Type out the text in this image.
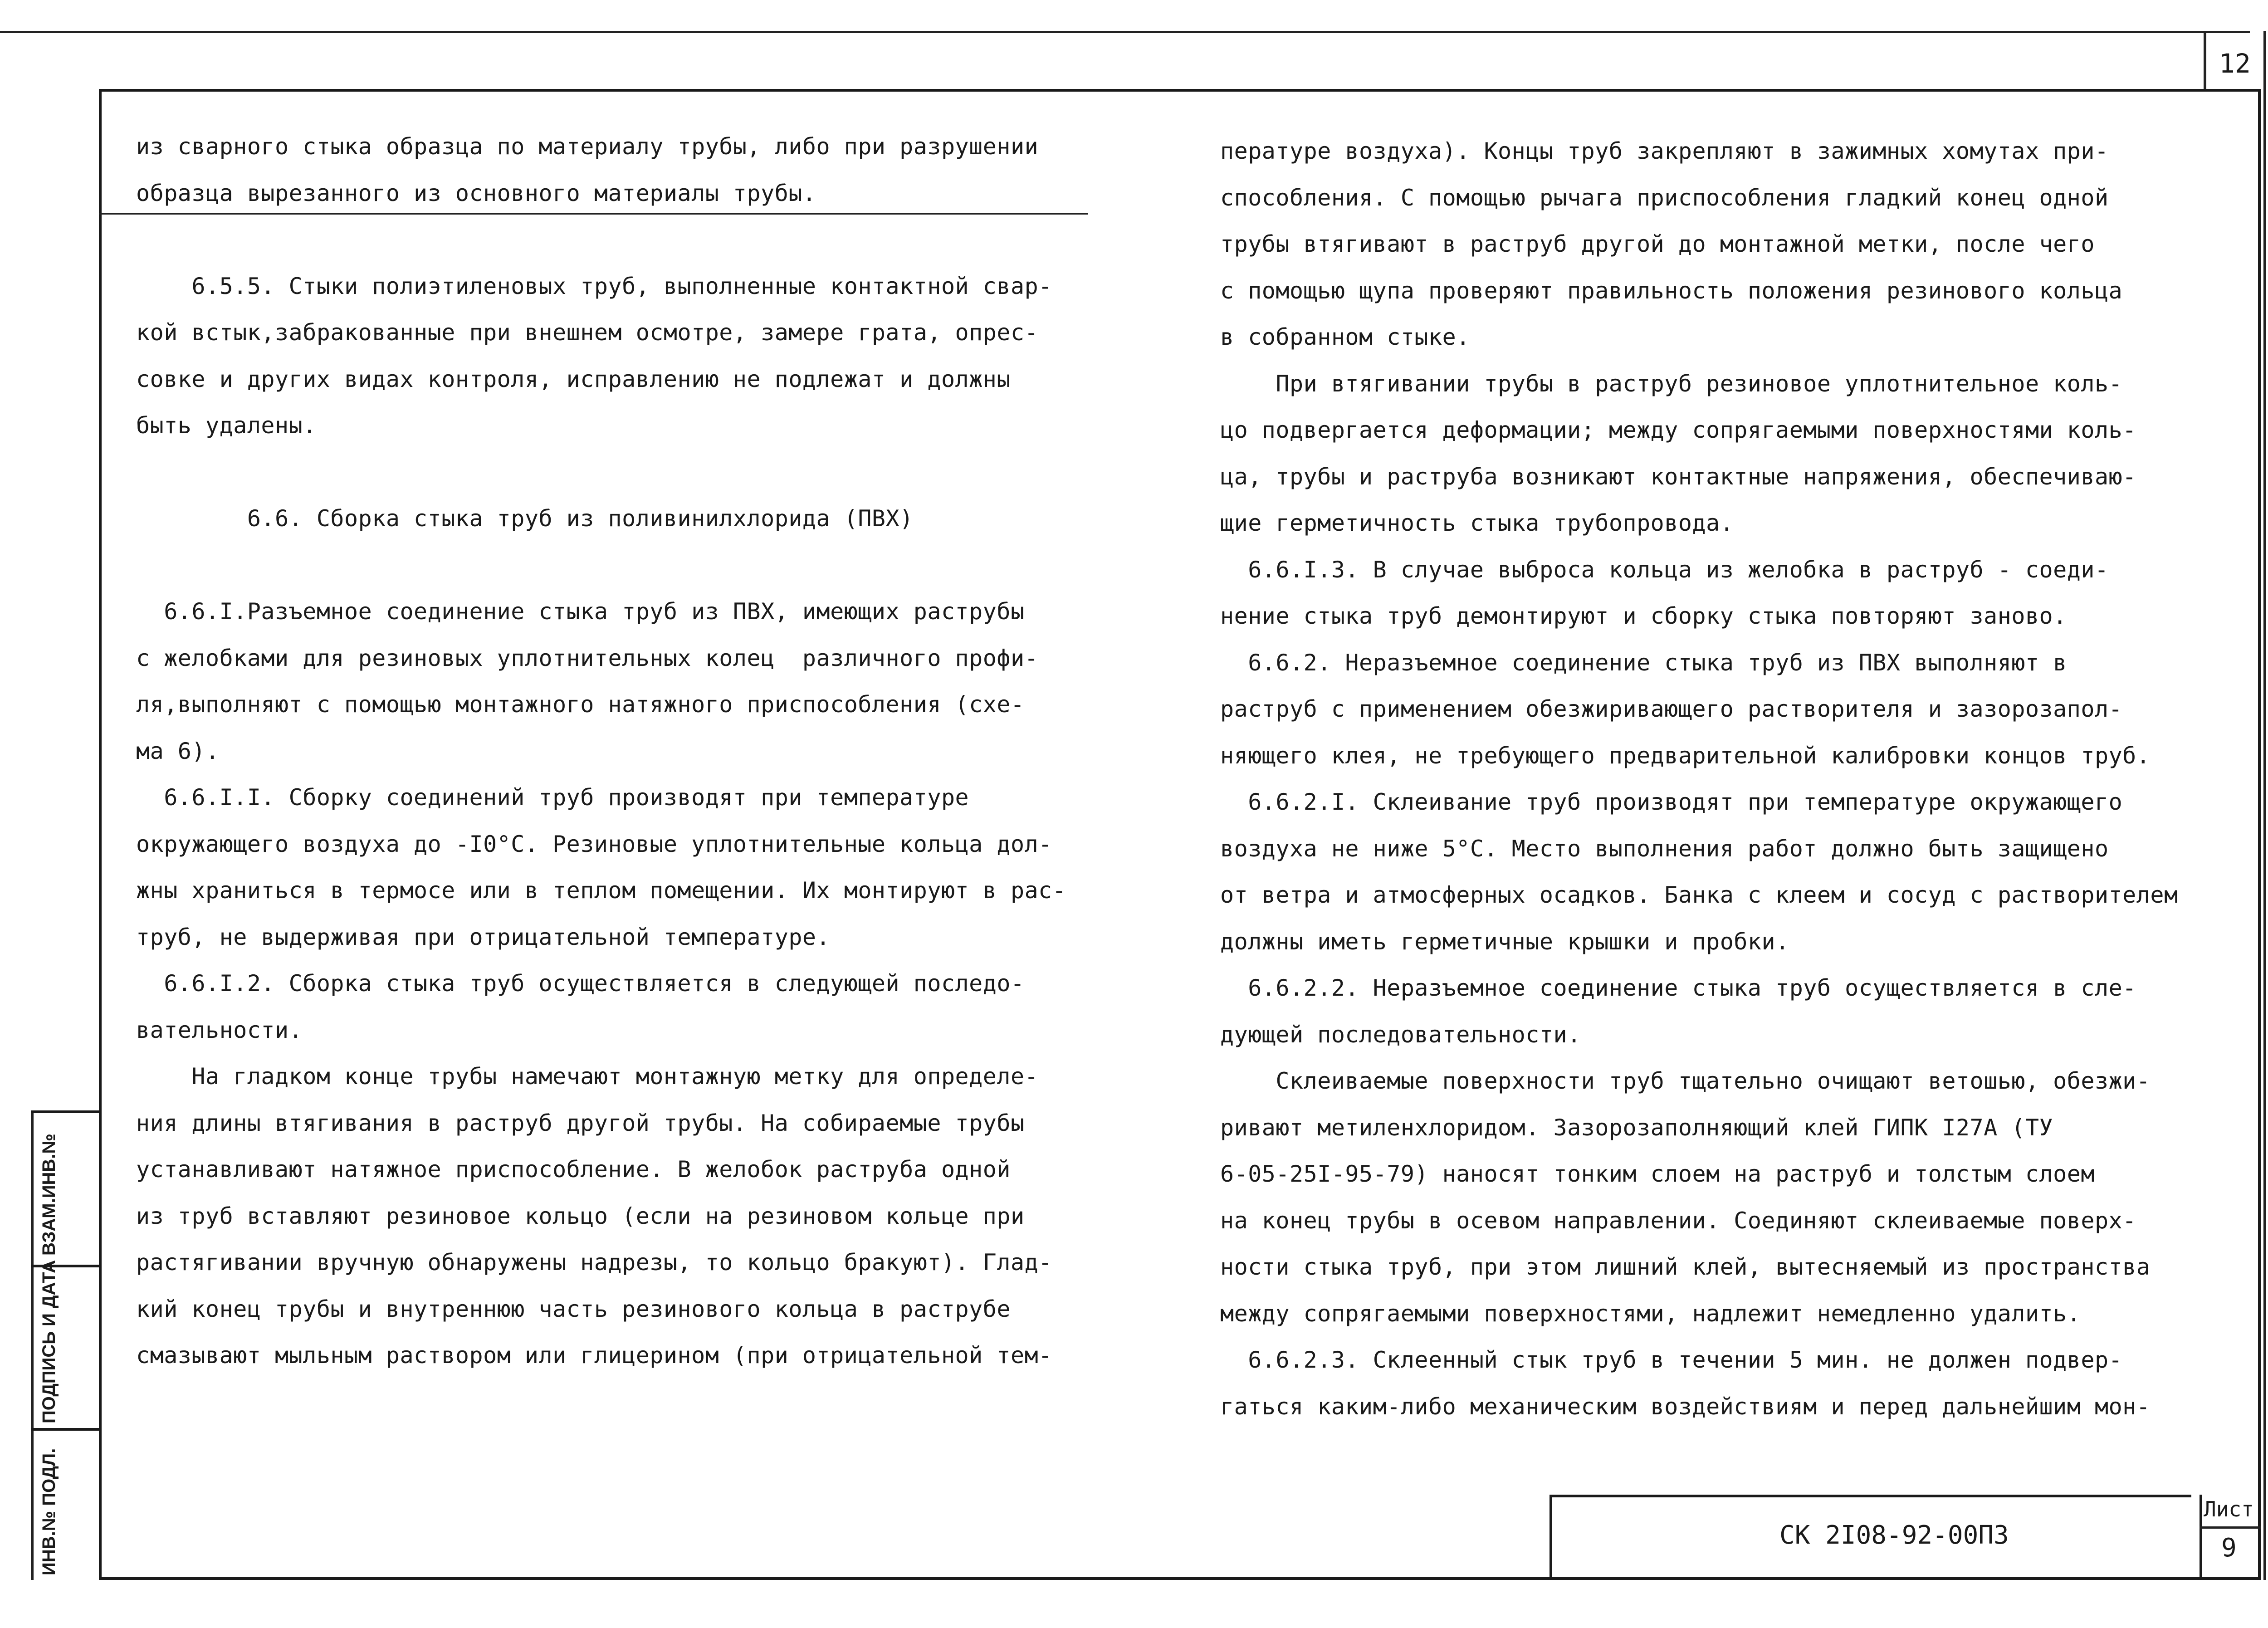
12
ВЗАМ.ИНВ.№
ПОДПИСЬ И ДАТА
ИНВ.№ ПОДЛ.
из сварного стыка образца по материалу трубы, либо при разрушении
образца вырезанного из основного материалы трубы.
6.5.5. Стыки полиэтиленовых труб, выполненные контактной свар-
кой встык,забракованные при внешнем осмотре, замере грата, опрес-
совке и других видах контроля, исправлению не подлежат и должны
быть удалены.
6.6. Сборка стыка труб из поливинилхлорида (ПВХ)
6.6.I.Разъемное соединение стыка труб из ПВХ, имеющих раструбы
с желобками для резиновых уплотнительных колец  различного профи-
ля,выполняют с помощью монтажного натяжного приспособления (схе-
ма 6).
6.6.I.I. Сборку соединений труб производят при температуре
окружающего воздуха до -I0°С. Резиновые уплотнительные кольца дол-
жны храниться в термосе или в теплом помещении. Их монтируют в рас-
труб, не выдерживая при отрицательной температуре.
6.6.I.2. Сборка стыка труб осуществляется в следующей последо-
вательности.
На гладком конце трубы намечают монтажную метку для определе-
ния длины втягивания в раструб другой трубы. На собираемые трубы
устанавливают натяжное приспособление. В желобок раструба одной
из труб вставляют резиновое кольцо (если на резиновом кольце при
растягивании вручную обнаружены надрезы, то кольцо бракуют). Глад-
кий конец трубы и внутреннюю часть резинового кольца в раструбе
смазывают мыльным раствором или глицерином (при отрицательной тем-
пературе воздуха). Концы труб закрепляют в зажимных хомутах при-
способления. С помощью рычага приспособления гладкий конец одной
трубы втягивают в раструб другой до монтажной метки, после чего
с помощью щупа проверяют правильность положения резинового кольца
в собранном стыке.
При втягивании трубы в раструб резиновое уплотнительное коль-
цо подвергается деформации; между сопрягаемыми поверхностями коль-
ца, трубы и раструба возникают контактные напряжения, обеспечиваю-
щие герметичность стыка трубопровода.
6.6.I.3. В случае выброса кольца из желобка в раструб - соеди-
нение стыка труб демонтируют и сборку стыка повторяют заново.
6.6.2. Неразъемное соединение стыка труб из ПВХ выполняют в
раструб с применением обезжиривающего растворителя и зазорозапол-
няющего клея, не требующего предварительной калибровки концов труб.
6.6.2.I. Склеивание труб производят при температуре окружающего
воздуха не ниже 5°С. Место выполнения работ должно быть защищено
от ветра и атмосферных осадков. Банка с клеем и сосуд с растворителем
должны иметь герметичные крышки и пробки.
6.6.2.2. Неразъемное соединение стыка труб осуществляется в сле-
дующей последовательности.
Склеиваемые поверхности труб тщательно очищают ветошью, обезжи-
ривают метиленхлоридом. Зазорозаполняющий клей ГИПК I27А (ТУ
6-05-25I-95-79) наносят тонким слоем на раструб и толстым слоем
на конец трубы в осевом направлении. Соединяют склеиваемые поверх-
ности стыка труб, при этом лишний клей, вытесняемый из пространства
между сопрягаемыми поверхностями, надлежит немедленно удалить.
6.6.2.3. Склеенный стык труб в течении 5 мин. не должен подвер-
гаться каким-либо механическим воздействиям и перед дальнейшим мон-
СК 2I08-92-00ПЗ
Лист
9
